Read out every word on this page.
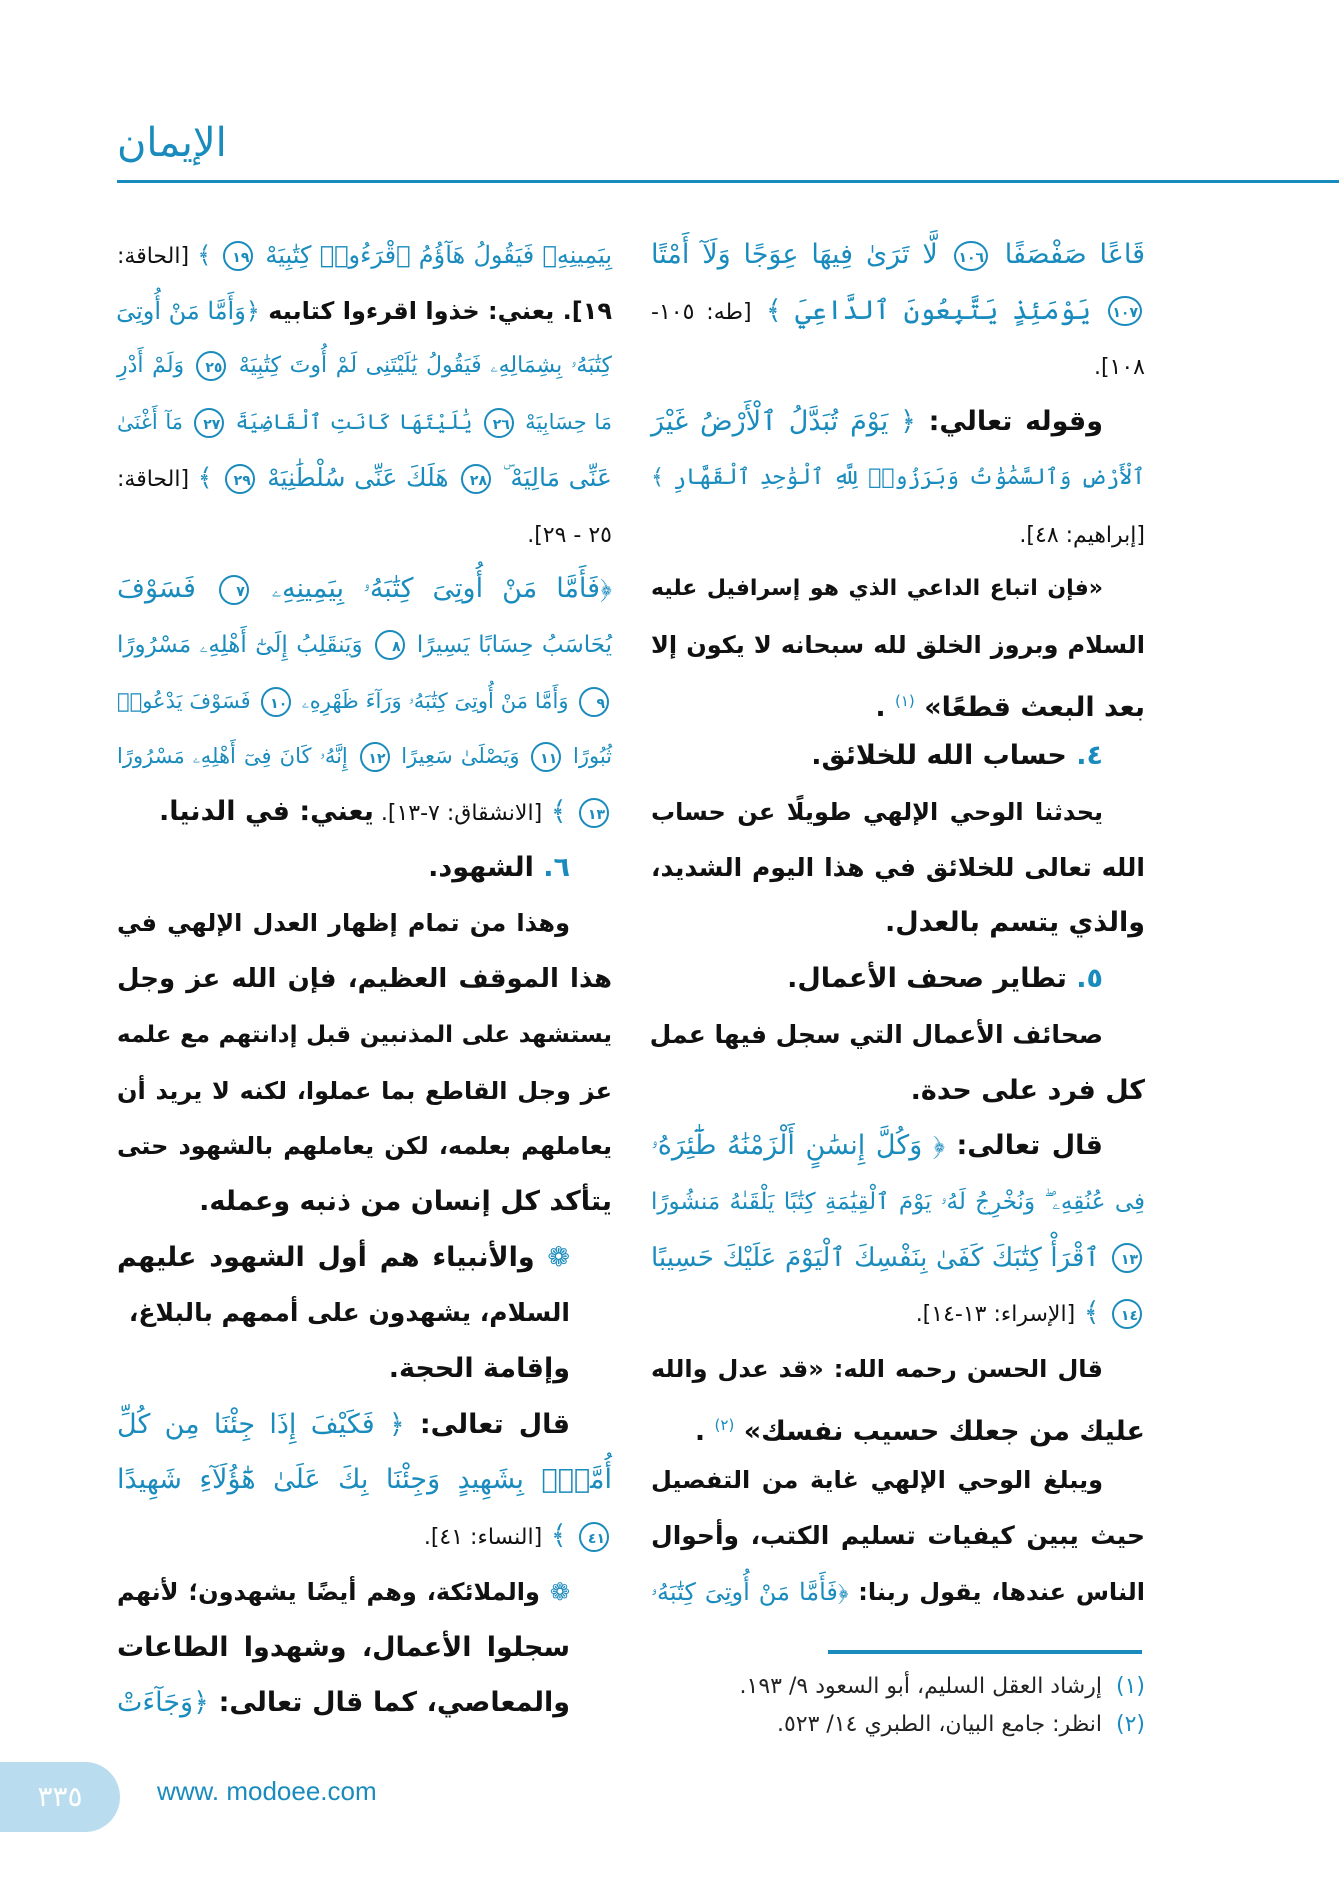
الإيمان
قَاعًا صَفْصَفًا ١٠٦ لَّا تَرَىٰ فِيهَا عِوَجًا وَلَآ أَمْتًا
١٠٧ يَوْمَئِذٍ يَتَّبِعُونَ ٱلدَّاعِيَ ﴾ [طه: ١٠٥-
١٠٨].
وقوله تعالي: ﴿ يَوْمَ تُبَدَّلُ ٱلْأَرْضُ غَيْرَ
ٱلْأَرْضِ وَٱلسَّمَٰوَٰتُ وَبَرَزُوا۟ لِلَّهِ ٱلْوَٰحِدِ ٱلْقَهَّارِ ﴾
[إبراهيم: ٤٨].
«فإن اتباع الداعي الذي هو إسرافيل عليه
السلام وبروز الخلق لله سبحانه لا يكون إلا
بعد البعث قطعًا» $^{(١)}$ .
٤. حساب الله للخلائق.
يحدثنا الوحي الإلهي طويلًا عن حساب
الله تعالى للخلائق في هذا اليوم الشديد،
والذي يتسم بالعدل.
٥. تطاير صحف الأعمال.
صحائف الأعمال التي سجل فيها عمل
كل فرد على حدة.
قال تعالى: ﴿ وَكُلَّ إِنسَٰنٍ أَلْزَمْنَٰهُ طَٰٓئِرَهُۥ
فِى عُنُقِهِۦ ۖ وَنُخْرِجُ لَهُۥ يَوْمَ ٱلْقِيَٰمَةِ كِتَٰبًا يَلْقَىٰهُ مَنشُورًا
١٣ ٱقْرَأْ كِتَٰبَكَ كَفَىٰ بِنَفْسِكَ ٱلْيَوْمَ عَلَيْكَ حَسِيبًا
١٤ ﴾ [الإسراء: ١٣-١٤].
قال الحسن رحمه الله: «قد عدل والله
عليك من جعلك حسيب نفسك» $^{(٢)}$ .
ويبلغ الوحي الإلهي غاية من التفصيل
حيث يبين كيفيات تسليم الكتب، وأحوال
الناس عندها، يقول ربنا: ﴿فَأَمَّا مَنْ أُوتِىَ كِتَٰبَهُۥ
بِيَمِينِهِۦ فَيَقُولُ هَآؤُمُ ٱقْرَءُوا۟ كِتَٰبِيَهْ ١٩ ﴾ [الحاقة:
١٩]. يعني: خذوا اقرءوا كتابيه ﴿وَأَمَّا مَنْ أُوتِىَ
كِتَٰبَهُۥ بِشِمَالِهِۦ فَيَقُولُ يَٰلَيْتَنِى لَمْ أُوتَ كِتَٰبِيَهْ ٢٥ وَلَمْ أَدْرِ
مَا حِسَابِيَهْ ٢٦ يَٰلَيْتَهَا كَانَتِ ٱلْقَاضِيَةَ ٢٧ مَآ أَغْنَىٰ
عَنِّى مَالِيَهْ ۜ ٢٨ هَلَكَ عَنِّى سُلْطَٰنِيَهْ ٢٩ ﴾ [الحاقة:
٢٥ - ٢٩].
﴿فَأَمَّا مَنْ أُوتِىَ كِتَٰبَهُۥ بِيَمِينِهِۦ ٧ فَسَوْفَ
يُحَاسَبُ حِسَابًا يَسِيرًا ٨ وَيَنقَلِبُ إِلَىٰٓ أَهْلِهِۦ مَسْرُورًا
٩ وَأَمَّا مَنْ أُوتِىَ كِتَٰبَهُۥ وَرَآءَ ظَهْرِهِۦ ١٠ فَسَوْفَ يَدْعُوا۟
ثُبُورًا ١١ وَيَصْلَىٰ سَعِيرًا ١٢ إِنَّهُۥ كَانَ فِىٓ أَهْلِهِۦ مَسْرُورًا
١٣ ﴾ [الانشقاق: ٧-١٣]. يعني: في الدنيا.
٦. الشهود.
وهذا من تمام إظهار العدل الإلهي في
هذا الموقف العظيم، فإن الله عز وجل
يستشهد على المذنبين قبل إدانتهم مع علمه
عز وجل القاطع بما عملوا، لكنه لا يريد أن
يعاملهم بعلمه، لكن يعاملهم بالشهود حتى
يتأكد كل إنسان من ذنبه وعمله.
❁ والأنبياء هم أول الشهود عليهم
السلام، يشهدون على أممهم بالبلاغ،
وإقامة الحجة.
قال تعالى: ﴿ فَكَيْفَ إِذَا جِئْنَا مِن كُلِّ
أُمَّةٍۭ بِشَهِيدٍ وَجِئْنَا بِكَ عَلَىٰ هَٰٓؤُلَآءِ شَهِيدًا
٤١ ﴾ [النساء: ٤١].
❁ والملائكة، وهم أيضًا يشهدون؛ لأنهم
سجلوا الأعمال، وشهدوا الطاعات
والمعاصي، كما قال تعالى: ﴿وَجَآءَتْ
(١)إرشاد العقل السليم، أبو السعود ٩/ ١٩٣.
(٢)انظر: جامع البيان، الطبري ١٤/ ٥٢٣.
٣٣٥	www. modoee.com
